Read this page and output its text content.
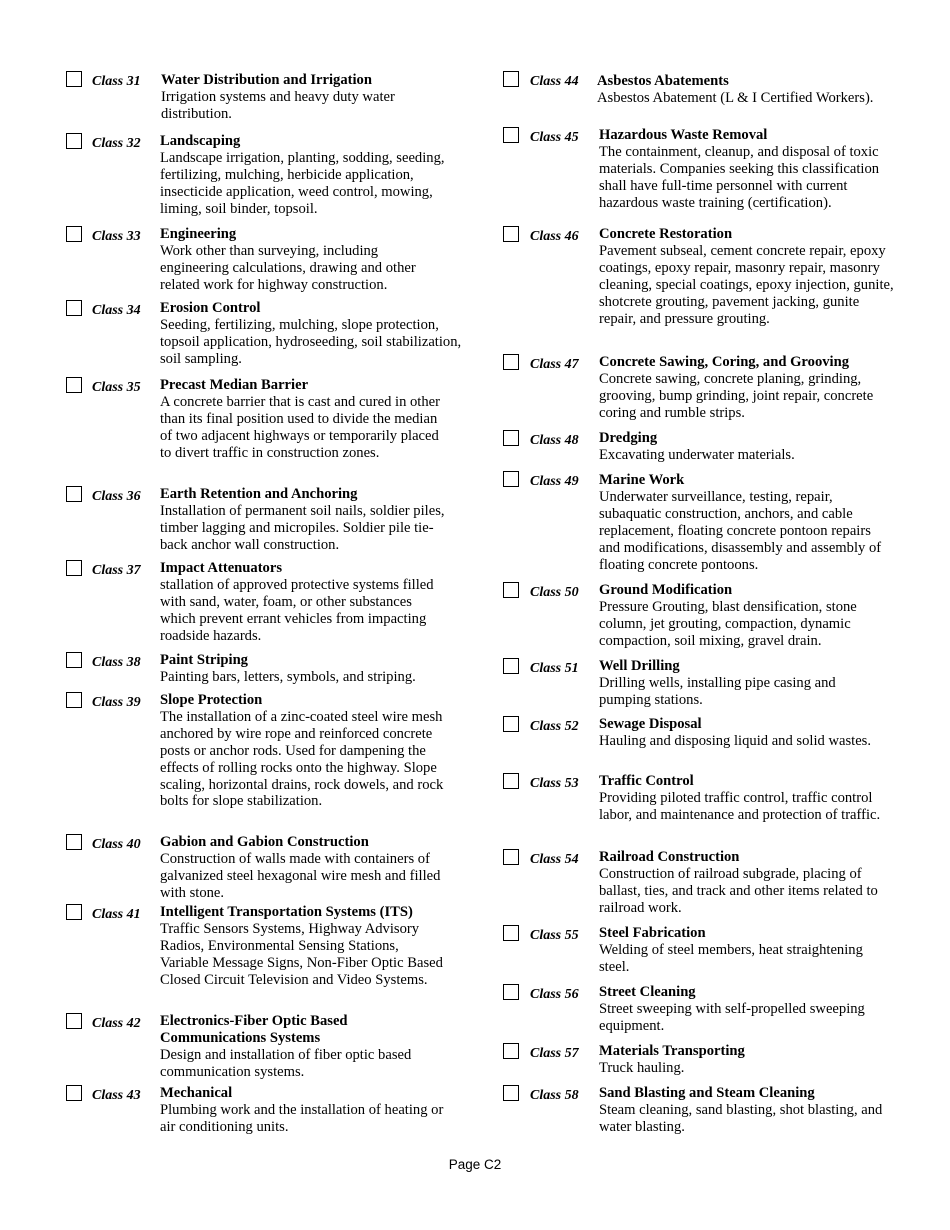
Class 31 Water Distribution and Irrigation
Irrigation systems and heavy duty water distribution.
Class 32 Landscaping
Landscape irrigation, planting, sodding, seeding, fertilizing, mulching, herbicide application, insecticide application, weed control, mowing, liming, soil binder, topsoil.
Class 33 Engineering
Work other than surveying, including engineering calculations, drawing and other related work for highway construction.
Class 34 Erosion Control
Seeding, fertilizing, mulching, slope protection, topsoil application, hydroseeding, soil stabilization, soil sampling.
Class 35 Precast Median Barrier
A concrete barrier that is cast and cured in other than its final position used to divide the median of two adjacent highways or temporarily placed to divert traffic in construction zones.
Class 36 Earth Retention and Anchoring
Installation of permanent soil nails, soldier piles, timber lagging and micropiles. Soldier pile tie-back anchor wall construction.
Class 37 Impact Attenuators
stallation of approved protective systems filled with sand, water, foam, or other substances which prevent errant vehicles from impacting roadside hazards.
Class 38 Paint Striping
Painting bars, letters, symbols, and striping.
Class 39 Slope Protection
The installation of a zinc-coated steel wire mesh anchored by wire rope and reinforced concrete posts or anchor rods. Used for dampening the effects of rolling rocks onto the highway. Slope scaling, horizontal drains, rock dowels, and rock bolts for slope stabilization.
Class 40 Gabion and Gabion Construction
Construction of walls made with containers of galvanized steel hexagonal wire mesh and filled with stone.
Class 41 Intelligent Transportation Systems (ITS)
Traffic Sensors Systems, Highway Advisory Radios, Environmental Sensing Stations, Variable Message Signs, Non-Fiber Optic Based Closed Circuit Television and Video Systems.
Class 42 Electronics-Fiber Optic Based Communications Systems
Design and installation of fiber optic based communication systems.
Class 43 Mechanical
Plumbing work and the installation of heating or air conditioning units.
Class 44 Asbestos Abatements
Asbestos Abatement (L & I Certified Workers).
Class 45 Hazardous Waste Removal
The containment, cleanup, and disposal of toxic materials. Companies seeking this classification shall have full-time personnel with current hazardous waste training (certification).
Class 46 Concrete Restoration
Pavement subseal, cement concrete repair, epoxy coatings, epoxy repair, masonry repair, masonry cleaning, special coatings, epoxy injection, gunite, shotcrete grouting, pavement jacking, gunite repair, and pressure grouting.
Class 47 Concrete Sawing, Coring, and Grooving
Concrete sawing, concrete planing, grinding, grooving, bump grinding, joint repair, concrete coring and rumble strips.
Class 48 Dredging
Excavating underwater materials.
Class 49 Marine Work
Underwater surveillance, testing, repair, subaquatic construction, anchors, and cable replacement, floating concrete pontoon repairs and modifications, disassembly and assembly of floating concrete pontoons.
Class 50 Ground Modification
Pressure Grouting, blast densification, stone column, jet grouting, compaction, dynamic compaction, soil mixing, gravel drain.
Class 51 Well Drilling
Drilling wells, installing pipe casing and pumping stations.
Class 52 Sewage Disposal
Hauling and disposing liquid and solid wastes.
Class 53 Traffic Control
Providing piloted traffic control, traffic control labor, and maintenance and protection of traffic.
Class 54 Railroad Construction
Construction of railroad subgrade, placing of ballast, ties, and track and other items related to railroad work.
Class 55 Steel Fabrication
Welding of steel members, heat straightening steel.
Class 56 Street Cleaning
Street sweeping with self-propelled sweeping equipment.
Class 57 Materials Transporting
Truck hauling.
Class 58 Sand Blasting and Steam Cleaning
Steam cleaning, sand blasting, shot blasting, and water blasting.
Page C2
